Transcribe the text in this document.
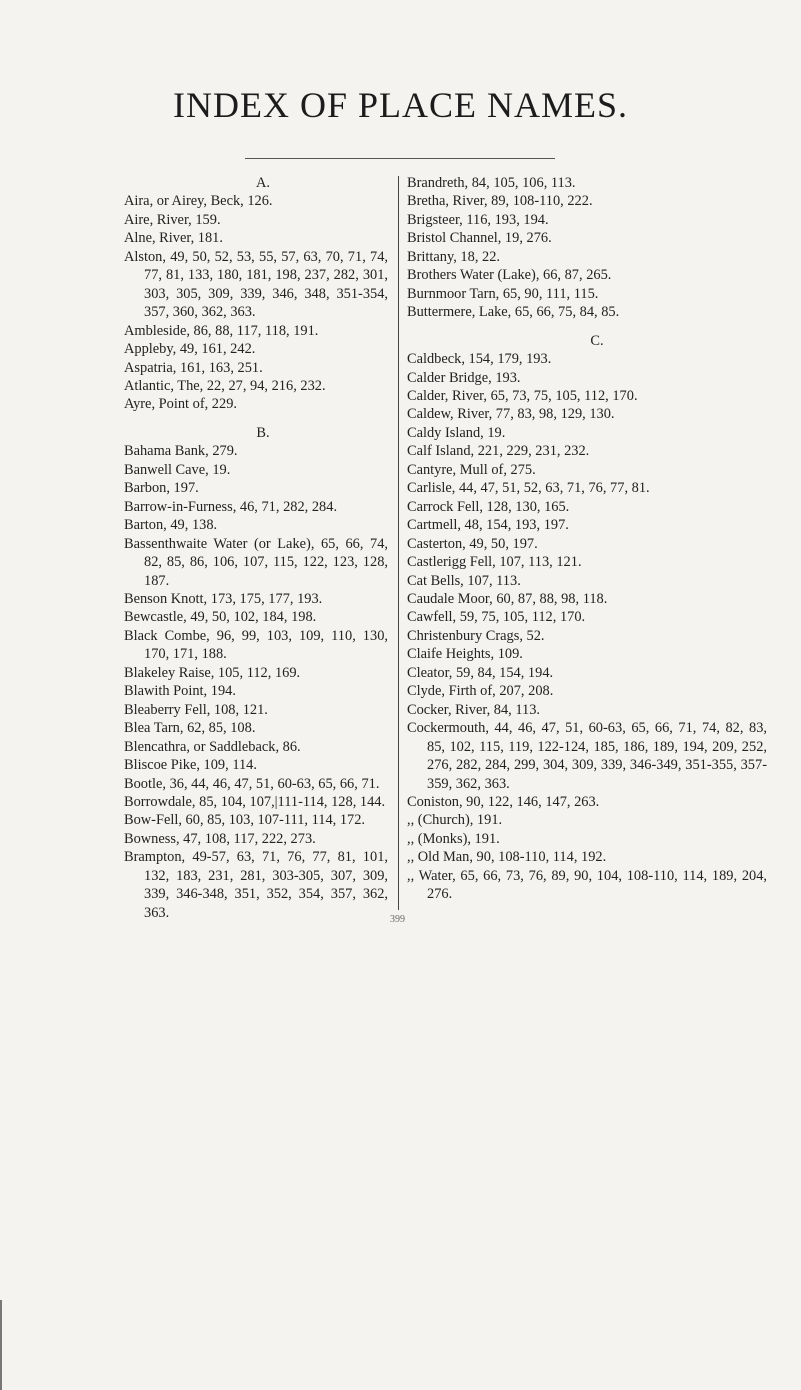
INDEX OF PLACE NAMES.

A.

Aira, or Airey, Beck, 126.

Aire, River, 159.

Alne, River, 181.

Alston, 49, 50, 52, 53, 55, 57, 63, 70, 71, 74, 77, 81, 133, 180, 181, 198, 237, 282, 301, 303, 305, 309, 339, 346, 348, 351-354, 357, 360, 362, 363.

Ambleside, 86, 88, 117, 118, 191.

Appleby, 49, 161, 242.

Aspatria, 161, 163, 251.

Atlantic, The, 22, 27, 94, 216, 232.

Ayre, Point of, 229.

B.

Bahama Bank, 279.

Banwell Cave, 19.

Barbon, 197.

Barrow-in-Furness, 46, 71, 282, 284.

Barton, 49, 138.

Bassenthwaite Water (or Lake), 65, 66, 74, 82, 85, 86, 106, 107, 115, 122, 123, 128, 187.

Benson Knott, 173, 175, 177, 193.

Bewcastle, 49, 50, 102, 184, 198.

Black Combe, 96, 99, 103, 109, 110, 130, 170, 171, 188.

Blakeley Raise, 105, 112, 169.

Blawith Point, 194.

Bleaberry Fell, 108, 121.

Blea Tarn, 62, 85, 108.

Blencathra, or Saddleback, 86.

Bliscoe Pike, 109, 114.

Bootle, 36, 44, 46, 47, 51, 60-63, 65, 66, 71.

Borrowdale, 85, 104, 107,|111-114, 128, 144.

Bow-Fell, 60, 85, 103, 107-111, 114, 172.

Bowness, 47, 108, 117, 222, 273.

Brampton, 49-57, 63, 71, 76, 77, 81, 101, 132, 183, 231, 281, 303-305, 307, 309, 339, 346-348, 351, 352, 354, 357, 362, 363.

Brandreth, 84, 105, 106, 113.

Bretha, River, 89, 108-110, 222.

Brigsteer, 116, 193, 194.

Bristol Channel, 19, 276.

Brittany, 18, 22.

Brothers Water (Lake), 66, 87, 265.

Burnmoor Tarn, 65, 90, 111, 115.

Buttermere, Lake, 65, 66, 75, 84, 85.

C.

Caldbeck, 154, 179, 193.

Calder Bridge, 193.

Calder, River, 65, 73, 75, 105, 112, 170.

Caldew, River, 77, 83, 98, 129, 130.

Caldy Island, 19.

Calf Island, 221, 229, 231, 232.

Cantyre, Mull of, 275.

Carlisle, 44, 47, 51, 52, 63, 71, 76, 77, 81.

Carrock Fell, 128, 130, 165.

Cartmell, 48, 154, 193, 197.

Casterton, 49, 50, 197.

Castlerigg Fell, 107, 113, 121.

Cat Bells, 107, 113.

Caudale Moor, 60, 87, 88, 98, 118.

Cawfell, 59, 75, 105, 112, 170.

Christenbury Crags, 52.

Claife Heights, 109.

Cleator, 59, 84, 154, 194.

Clyde, Firth of, 207, 208.

Cocker, River, 84, 113.

Cockermouth, 44, 46, 47, 51, 60-63, 65, 66, 71, 74, 82, 83, 85, 102, 115, 119, 122-124, 185, 186, 189, 194, 209, 252, 276, 282, 284, 299, 304, 309, 339, 346-349, 351-355, 357-359, 362, 363.

Coniston, 90, 122, 146, 147, 263.

,, (Church), 191.

,, (Monks), 191.

,, Old Man, 90, 108-110, 114, 192.

,, Water, 65, 66, 73, 76, 89, 90, 104, 108-110, 114, 189, 204, 276.

399
